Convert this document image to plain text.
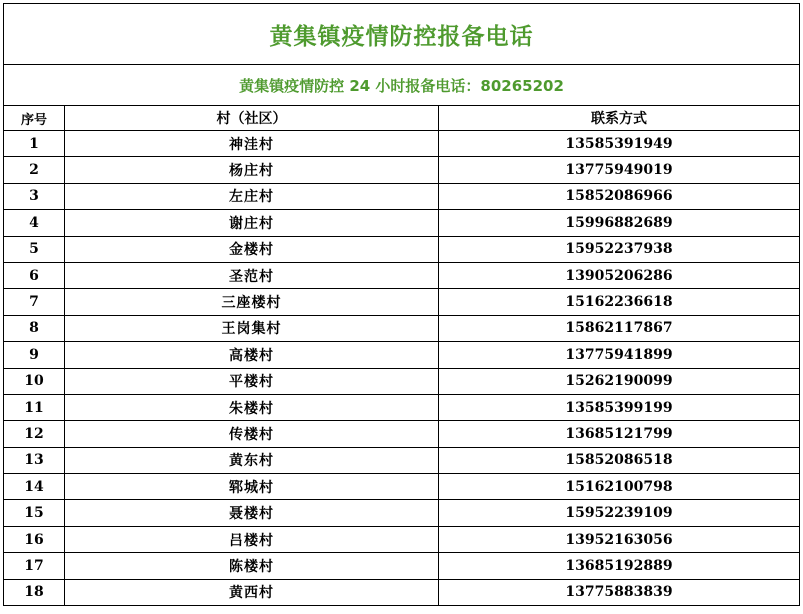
黄集镇疫情防控报备电话		
黄集镇疫情防控 24 小时报备电话：80265202		
序号	村（社区）	联系方式
1	神洼村	13585391949
2	杨庄村	13775949019
3	左庄村	15852086966
4	谢庄村	15996882689
5	金楼村	15952237938
6	圣范村	13905206286
7	三座楼村	15162236618
8	王岗集村	15862117867
9	高楼村	13775941899
10	平楼村	15262190099
11	朱楼村	13585399199
12	传楼村	13685121799
13	黄东村	15852086518
14	郓城村	15162100798
15	聂楼村	15952239109
16	吕楼村	13952163056
17	陈楼村	13685192889
18	黄西村	13775883839
